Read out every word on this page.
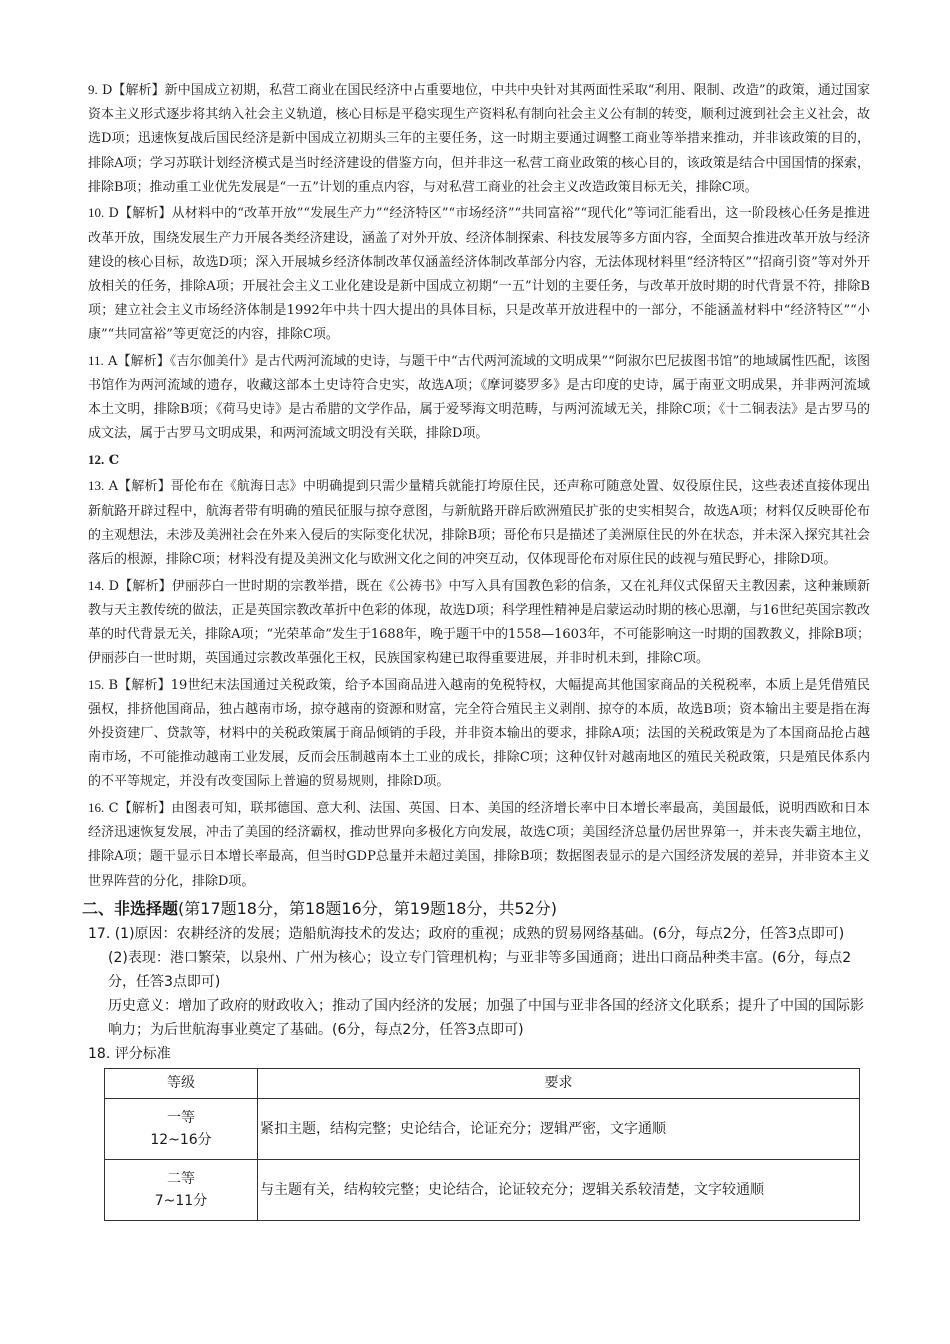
9. D【解析】新中国成立初期，私营工商业在国民经济中占重要地位，中共中央针对其两面性采取“利用、限制、改造”的政策，通过国家资本主义形式逐步将其纳入社会主义轨道，核心目标是平稳实现生产资料私有制向社会主义公有制的转变，顺利过渡到社会主义社会，故选D项；迅速恢复战后国民经济是新中国成立初期头三年的主要任务，这一时期主要通过调整工商业等举措来推动，并非该政策的目的，排除A项；学习苏联计划经济模式是当时经济建设的借鉴方向，但并非这一私营工商业政策的核心目的，该政策是结合中国国情的探索，排除B项；推动重工业优先发展是“一五”计划的重点内容，与对私营工商业的社会主义改造政策目标无关，排除C项。
10. D【解析】从材料中的“改革开放”“发展生产力”“经济特区”“市场经济”“共同富裕”“现代化”等词汇能看出，这一阶段核心任务是推进改革开放，围绕发展生产力开展各类经济建设，涵盖了对外开放、经济体制探索、科技发展等多方面内容，全面契合推进改革开放与经济建设的核心目标，故选D项；深入开展城乡经济体制改革仅涵盖经济体制改革部分内容，无法体现材料里“经济特区”“招商引资”等对外开放相关的任务，排除A项；开展社会主义工业化建设是新中国成立初期“一五”计划的主要任务，与改革开放时期的时代背景不符，排除B项；建立社会主义市场经济体制是1992年中共十四大提出的具体目标，只是改革开放进程中的一部分，不能涵盖材料中“经济特区”“小康”“共同富裕”等更宽泛的内容，排除C项。
11. A【解析】《吉尔伽美什》是古代两河流域的史诗，与题干中“古代两河流域的文明成果”“阿淑尔巴尼拔图书馆”的地域属性匹配，该图书馆作为两河流域的遗存，收藏这部本土史诗符合史实，故选A项；《摩诃婆罗多》是古印度的史诗，属于南亚文明成果，并非两河流域本土文明，排除B项；《荷马史诗》是古希腊的文学作品，属于爱琴海文明范畴，与两河流域无关，排除C项；《十二铜表法》是古罗马的成文法，属于古罗马文明成果，和两河流域文明没有关联，排除D项。
12. C
13. A【解析】哥伦布在《航海日志》中明确提到只需少量精兵就能打垮原住民，还声称可随意处置、奴役原住民，这些表述直接体现出新航路开辟过程中，航海者带有明确的殖民征服与掠夺意图，与新航路开辟后欧洲殖民扩张的史实相契合，故选A项；材料仅反映哥伦布的主观想法，未涉及美洲社会在外来入侵后的实际变化状况，排除B项；哥伦布只是描述了美洲原住民的外在状态，并未深入探究其社会落后的根源，排除C项；材料没有提及美洲文化与欧洲文化之间的冲突互动，仅体现哥伦布对原住民的歧视与殖民野心，排除D项。
14. D【解析】伊丽莎白一世时期的宗教举措，既在《公祷书》中写入具有国教色彩的信条，又在礼拜仪式保留天主教因素，这种兼顾新教与天主教传统的做法，正是英国宗教改革折中色彩的体现，故选D项；科学理性精神是启蒙运动时期的核心思潮，与16世纪英国宗教改革的时代背景无关，排除A项；“光荣革命”发生于1688年，晚于题干中的1558—1603年，不可能影响这一时期的国教教义，排除B项；伊丽莎白一世时期，英国通过宗教改革强化王权，民族国家构建已取得重要进展，并非时机未到，排除C项。
15. B【解析】19世纪末法国通过关税政策，给予本国商品进入越南的免税特权，大幅提高其他国家商品的关税税率，本质上是凭借殖民强权，排挤他国商品，独占越南市场，掠夺越南的资源和财富，完全符合殖民主义剥削、掠夺的本质，故选B项；资本输出主要是指在海外投资建厂、贷款等，材料中的关税政策属于商品倾销的手段，并非资本输出的要求，排除A项；法国的关税政策是为了本国商品抢占越南市场，不可能推动越南工业发展，反而会压制越南本土工业的成长，排除C项；这种仅针对越南地区的殖民关税政策，只是殖民体系内的不平等规定，并没有改变国际上普遍的贸易规则，排除D项。
16. C【解析】由图表可知，联邦德国、意大利、法国、英国、日本、美国的经济增长率中日本增长率最高，美国最低，说明西欧和日本经济迅速恢复发展，冲击了美国的经济霸权，推动世界向多极化方向发展，故选C项；美国经济总量仍居世界第一，并未丧失霸主地位，排除A项；题干显示日本增长率最高，但当时GDP总量并未超过美国，排除B项；数据图表显示的是六国经济发展的差异，并非资本主义世界阵营的分化，排除D项。
二、非选择题(第17题18分，第18题16分，第19题18分，共52分)
17. (1)原因：农耕经济的发展；造船航海技术的发达；政府的重视；成熟的贸易网络基础。(6分，每点2分，任答3点即可)
(2)表现：港口繁荣，以泉州、广州为核心；设立专门管理机构；与亚非等多国通商；进出口商品种类丰富。(6分，每点2分，任答3点即可)
历史意义：增加了政府的财政收入；推动了国内经济的发展；加强了中国与亚非各国的经济文化联系；提升了中国的国际影响力；为后世航海事业奠定了基础。(6分，每点2分，任答3点即可)
18. 评分标准
等级	要求

一等
12~16分	紧扣主题，结构完整；史论结合，论证充分；逻辑严密，文字通顺

二等
7~11分	与主题有关，结构较完整；史论结合，论证较充分；逻辑关系较清楚，文字较通顺
